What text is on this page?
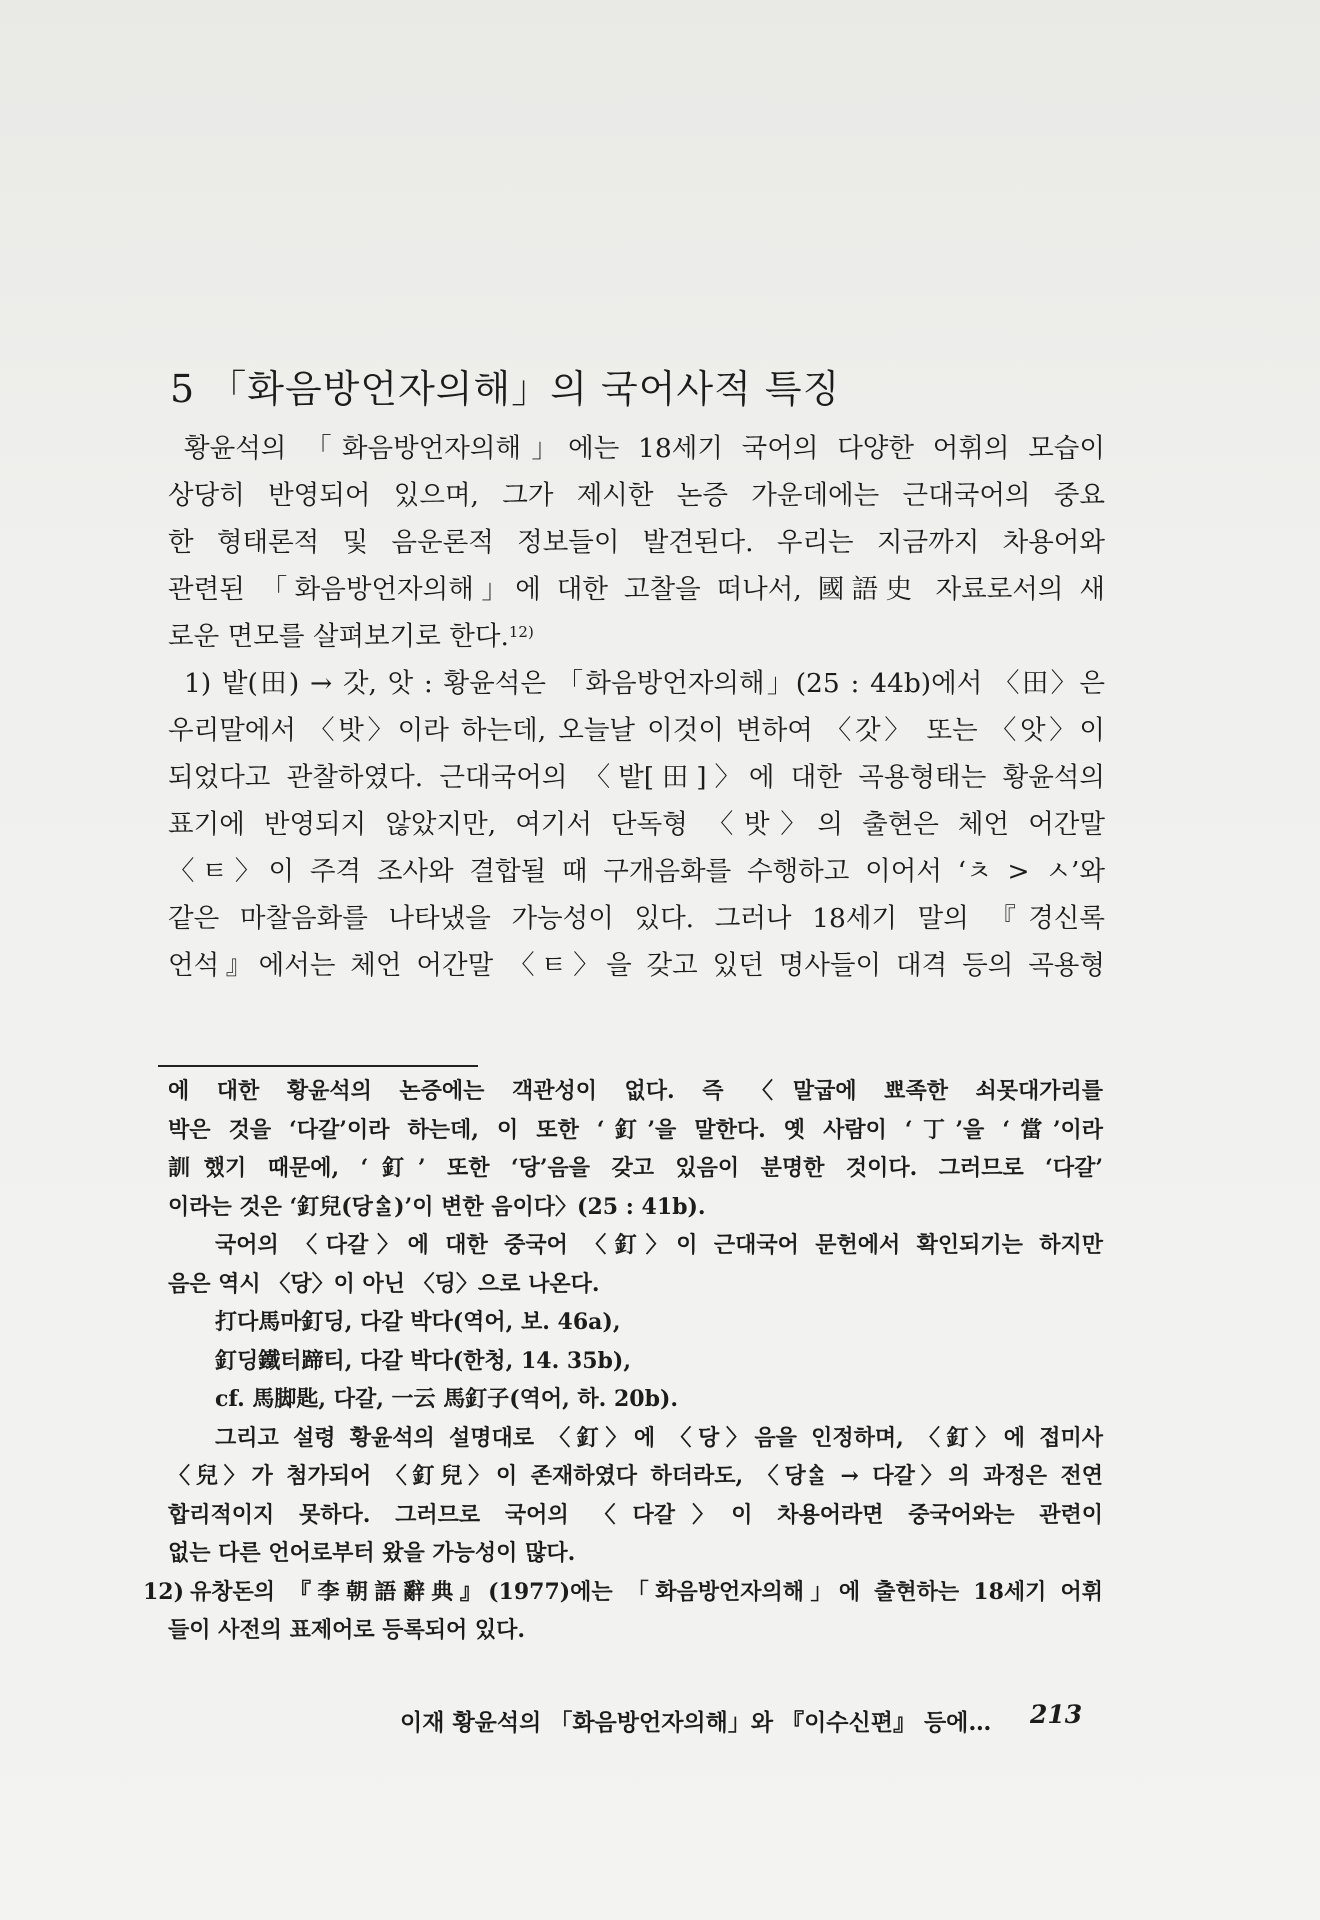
5 「화음방언자의해」의 국어사적 특징

황윤석의 「화음방언자의해」에는 18세기 국어의 다양한 어휘의 모습이
상당히 반영되어 있으며, 그가 제시한 논증 가운데에는 근대국어의 중요
한 형태론적 및 음운론적 정보들이 발견된다. 우리는 지금까지 차용어와
관련된 「화음방언자의해」에 대한 고찰을 떠나서, 國語史 자료로서의 새
로운 면모를 살펴보기로 한다.$^{12)}$

1) 밭(田) → 갓, 앗 : 황윤석은 「화음방언자의해」(25 : 44b)에서 〈田〉은
우리말에서 〈밧〉이라 하는데, 오늘날 이것이 변하여 〈갓〉 또는 〈앗〉이
되었다고 관찰하였다. 근대국어의 〈밭[田]〉에 대한 곡용형태는 황윤석의
표기에 반영되지 않았지만, 여기서 단독형 〈밧〉의 출현은 체언 어간말
〈ㅌ〉이 주격 조사와 결합될 때 구개음화를 수행하고 이어서 ‘ㅊ > ㅅ’와
같은 마찰음화를 나타냈을 가능성이 있다. 그러나 18세기 말의 『경신록
언석』에서는 체언 어간말 〈ㅌ〉을 갖고 있던 명사들이 대격 등의 곡용형

에 대한 황윤석의 논증에는 객관성이 없다. 즉 〈말굽에 뾰족한 쇠못대가리를
박은 것을 ‘다갈’이라 하는데, 이 또한 ‘釘’을 말한다. 옛 사람이 ‘丁’을 ‘當’이라
訓했기 때문에, ‘釘’ 또한 ‘당’음을 갖고 있음이 분명한 것이다. 그러므로 ‘다갈’
이라는 것은 ‘釘兒(당ᅀᆞᆯ)’이 변한 음이다〉(25 : 41b).
국어의 〈다갈〉에 대한 중국어 〈釘〉이 근대국어 문헌에서 확인되기는 하지만
음은 역시 〈당〉이 아닌 〈딩〉으로 나온다.
打다馬마釘딩, 다갈 박다(역어, 보. 46a),
釘딩鐵터蹄티, 다갈 박다(한청, 14. 35b),
cf. 馬脚匙, 다갈, 一云 馬釘子(역어, 하. 20b).
그리고 설령 황윤석의 설명대로 〈釘〉에 〈당〉음을 인정하며, 〈釘〉에 접미사
〈兒〉가 첨가되어 〈釘兒〉이 존재하였다 하더라도, 〈당ᅀᆞᆯ → 다갈〉의 과정은 전연
합리적이지 못하다. 그러므로 국어의 〈다갈〉이 차용어라면 중국어와는 관련이
없는 다른 언어로부터 왔을 가능성이 많다.
12) 유창돈의 『李朝語辭典』(1977)에는 「화음방언자의해」에 출현하는 18세기 어휘
들이 사전의 표제어로 등록되어 있다.
이재 황윤석의 「화음방언자의해」와 『이수신편』 등에…	213
